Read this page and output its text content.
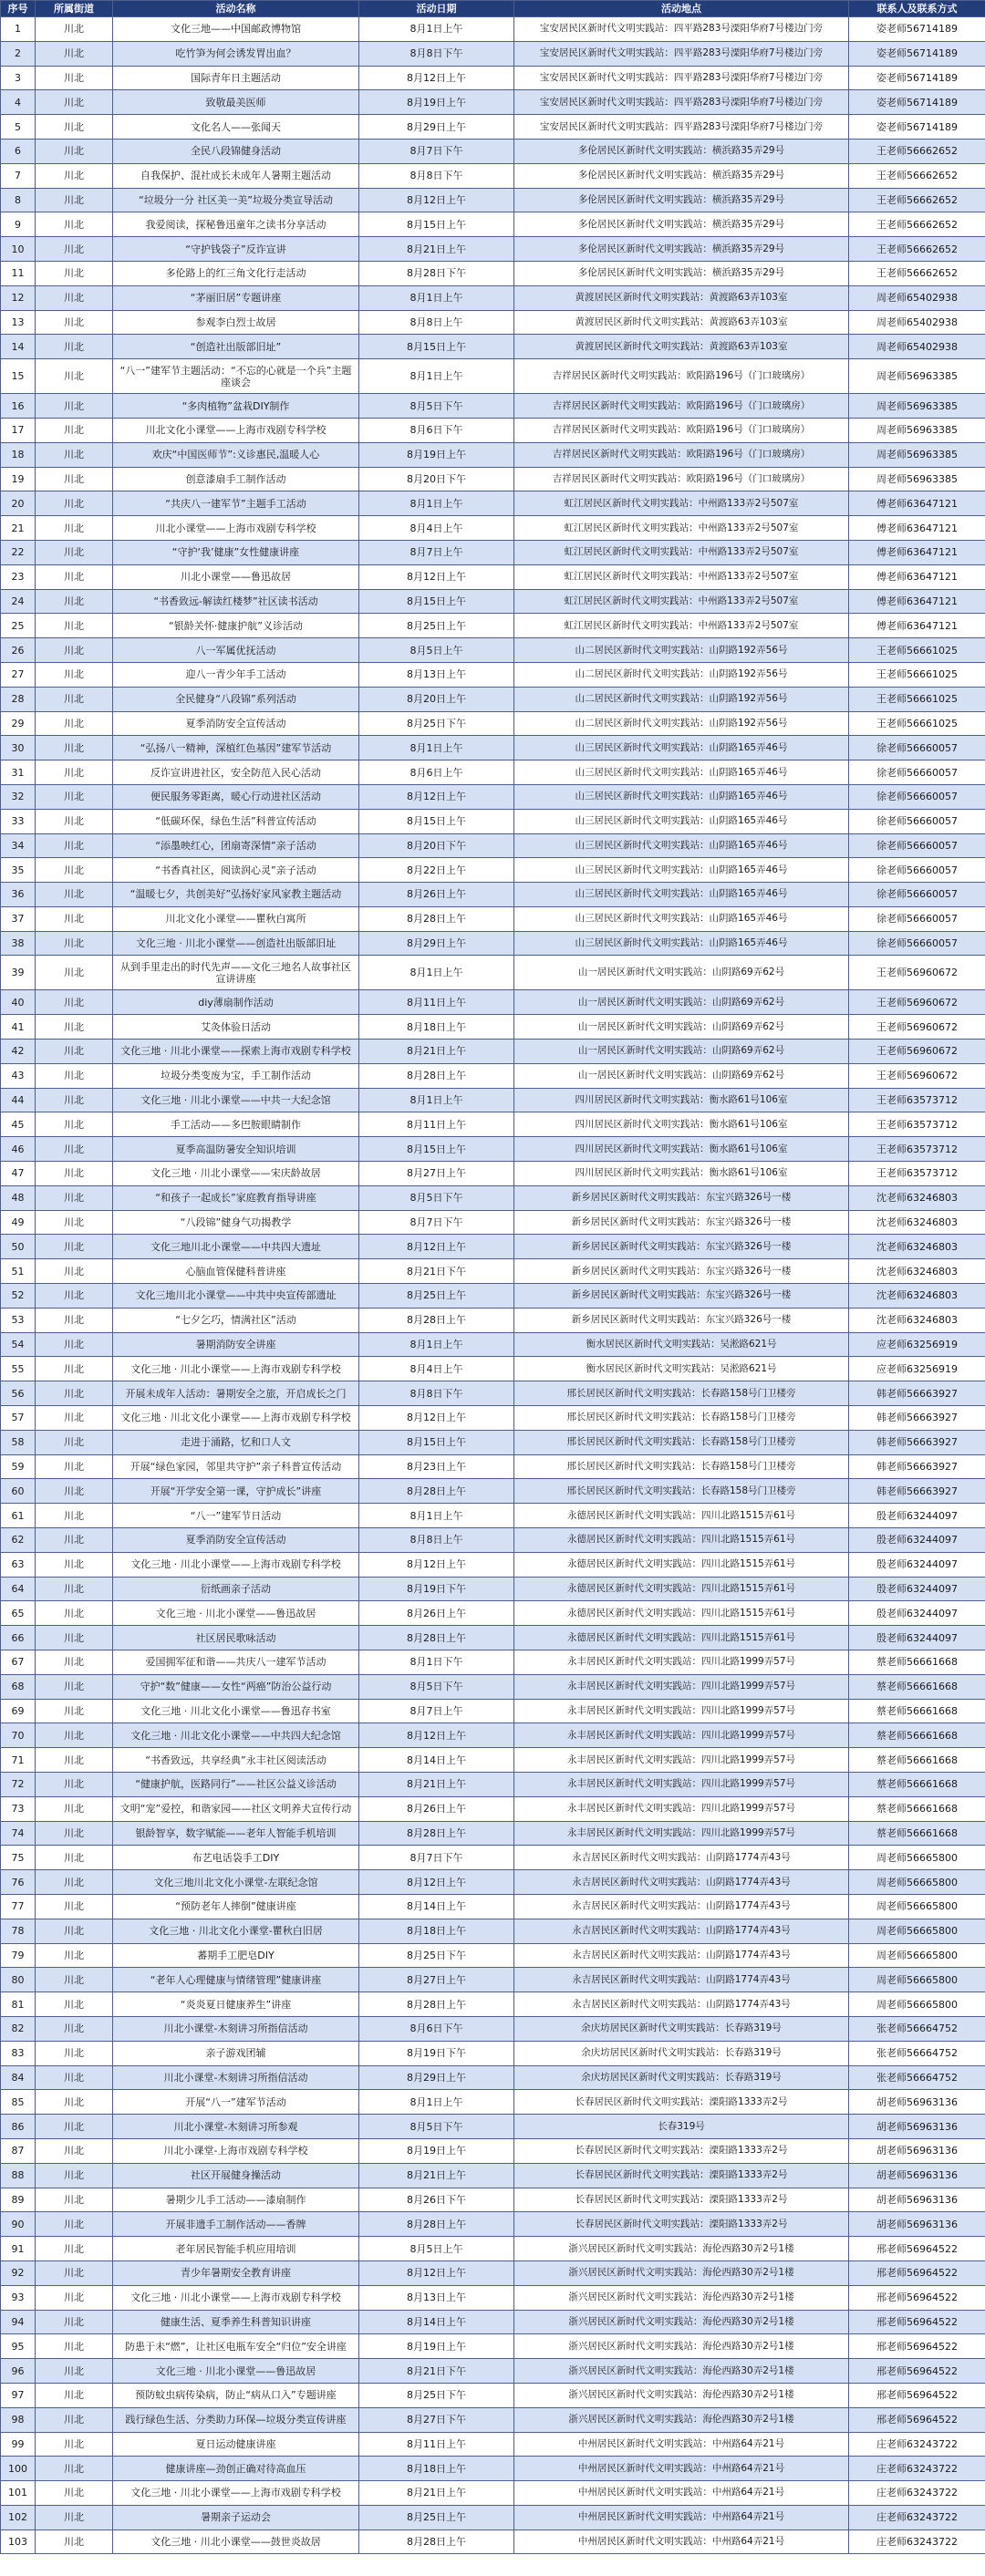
序号	所属街道	活动名称	活动日期	活动地点	联系人及联系方式
1	川北	文化三地——中国邮政博物馆	8月1日上午	宝安居民区新时代文明实践站：四平路283号溧阳华府7号楼边门旁	姿老师56714189
2	川北	吃竹笋为何会诱发胃出血？	8月8日下午	宝安居民区新时代文明实践站：四平路283号溧阳华府7号楼边门旁	姿老师56714189
3	川北	国际青年日主题活动	8月12日上午	宝安居民区新时代文明实践站：四平路283号溧阳华府7号楼边门旁	姿老师56714189
4	川北	致敬最美医师	8月19日上午	宝安居民区新时代文明实践站：四平路283号溧阳华府7号楼边门旁	姿老师56714189
5	川北	文化名人——张闻天	8月29日上午	宝安居民区新时代文明实践站：四平路283号溧阳华府7号楼边门旁	姿老师56714189
6	川北	全民八段锦健身活动	8月7日下午	多伦居民区新时代文明实践站：横浜路35弄29号	王老师56662652
7	川北	自我保护、混社成长未成年人暑期主题活动	8月8日下午	多伦居民区新时代文明实践站：横浜路35弄29号	王老师56662652
8	川北	“垃圾分一分 社区美一美”垃圾分类宣导活动	8月12日上午	多伦居民区新时代文明实践站：横浜路35弄29号	王老师56662652
9	川北	我爱阅读，探秘鲁迅童年之读书分享活动	8月15日上午	多伦居民区新时代文明实践站：横浜路35弄29号	王老师56662652
10	川北	“守护钱袋子”反诈宣讲	8月21日上午	多伦居民区新时代文明实践站：横浜路35弄29号	王老师56662652
11	川北	多伦路上的红三角文化行走活动	8月28日下午	多伦居民区新时代文明实践站：横浜路35弄29号	王老师56662652
12	川北	“茅丽旧居”专题讲座	8月1日上午	黄渡居民区新时代文明实践站：黄渡路63弄103室	周老师65402938
13	川北	参观李白烈士故居	8月8日上午	黄渡居民区新时代文明实践站：黄渡路63弄103室	周老师65402938
14	川北	“创造社出版部旧址”	8月15日上午	黄渡居民区新时代文明实践站：黄渡路63弄103室	周老师65402938
15	川北	“八一”建军节主题活动：“不忘的心就是一个兵”主题座谈会	8月1日上午	吉祥居民区新时代文明实践站：欧阳路196号（门口玻璃房）	周老师56963385
16	川北	“多肉植物”盆栽DIY制作	8月5日下午	吉祥居民区新时代文明实践站：欧阳路196号（门口玻璃房）	周老师56963385
17	川北	川北文化小课堂——上海市戏剧专科学校	8月6日下午	吉祥居民区新时代文明实践站：欧阳路196号（门口玻璃房）	周老师56963385
18	川北	欢庆“中国医师节”:义诊惠民,温暖人心	8月19日上午	吉祥居民区新时代文明实践站：欧阳路196号（门口玻璃房）	周老师56963385
19	川北	创意漆扇手工制作活动	8月20日下午	吉祥居民区新时代文明实践站：欧阳路196号（门口玻璃房）	周老师56963385
20	川北	“共庆八一建军节”主题手工活动	8月1日上午	虹江居民区新时代文明实践站：中州路133弄2号507室	傅老师63647121
21	川北	川北小课堂——上海市戏剧专科学校	8月4日上午	虹江居民区新时代文明实践站：中州路133弄2号507室	傅老师63647121
22	川北	“守护‘我’健康”女性健康讲座	8月7日上午	虹江居民区新时代文明实践站：中州路133弄2号507室	傅老师63647121
23	川北	川北小课堂——鲁迅故居	8月12日上午	虹江居民区新时代文明实践站：中州路133弄2号507室	傅老师63647121
24	川北	“书香致远-解读红楼梦”社区读书活动	8月15日上午	虹江居民区新时代文明实践站：中州路133弄2号507室	傅老师63647121
25	川北	“银龄关怀·健康护航”义诊活动	8月25日上午	虹江居民区新时代文明实践站：中州路133弄2号507室	傅老师63647121
26	川北	八一军属优抚活动	8月5日上午	山二居民区新时代文明实践站：山阴路192弄56号	王老师56661025
27	川北	迎八一青少年手工活动	8月13日上午	山二居民区新时代文明实践站：山阴路192弄56号	王老师56661025
28	川北	全民健身“八段锦”系列活动	8月20日上午	山二居民区新时代文明实践站：山阴路192弄56号	王老师56661025
29	川北	夏季消防安全宣传活动	8月25日下午	山二居民区新时代文明实践站：山阴路192弄56号	王老师56661025
30	川北	“弘扬八一精神，深植红色基因”建军节活动	8月1日上午	山三居民区新时代文明实践站：山阴路165弄46号	徐老师56660057
31	川北	反诈宣讲进社区，安全防范入民心活动	8月6日上午	山三居民区新时代文明实践站：山阴路165弄46号	徐老师56660057
32	川北	便民服务零距离，暖心行动进社区活动	8月12日上午	山三居民区新时代文明实践站：山阴路165弄46号	徐老师56660057
33	川北	“低碳环保，绿色生活”科普宣传活动	8月15日上午	山三居民区新时代文明实践站：山阴路165弄46号	徐老师56660057
34	川北	“添墨映红心，团扇寄深情”亲子活动	8月20日下午	山三居民区新时代文明实践站：山阴路165弄46号	徐老师56660057
35	川北	“书香真社区，阅读润心灵”亲子活动	8月22日上午	山三居民区新时代文明实践站：山阴路165弄46号	徐老师56660057
36	川北	“温暖七夕，共创美好”弘扬好家风家教主题活动	8月26日上午	山三居民区新时代文明实践站：山阴路165弄46号	徐老师56660057
37	川北	川北文化小课堂——瞿秋白寓所	8月28日上午	山三居民区新时代文明实践站：山阴路165弄46号	徐老师56660057
38	川北	文化三地 · 川北小课堂——创造社出版部旧址	8月29日上午	山三居民区新时代文明实践站：山阴路165弄46号	徐老师56660057
39	川北	从到手里走出的时代先声——文化三地名人故事社区宣讲讲座	8月1日上午	山一居民区新时代文明实践站：山阴路69弄62号	王老师56960672
40	川北	diy薄扇制作活动	8月11日上午	山一居民区新时代文明实践站：山阴路69弄62号	王老师56960672
41	川北	艾灸体验日活动	8月18日上午	山一居民区新时代文明实践站：山阴路69弄62号	王老师56960672
42	川北	文化三地 · 川北小课堂——探索上海市戏剧专科学校	8月21日上午	山一居民区新时代文明实践站：山阴路69弄62号	王老师56960672
43	川北	垃圾分类变废为宝，手工制作活动	8月28日上午	山一居民区新时代文明实践站：山阴路69弄62号	王老师56960672
44	川北	文化三地 · 川北小课堂——中共一大纪念馆	8月1日上午	四川居民区新时代文明实践站：衡水路61号106室	王老师63573712
45	川北	手工活动——多巴胺眼睛制作	8月11日上午	四川居民区新时代文明实践站：衡水路61号106室	王老师63573712
46	川北	夏季高温防暑安全知识培训	8月15日上午	四川居民区新时代文明实践站：衡水路61号106室	王老师63573712
47	川北	文化三地 · 川北小课堂——宋庆龄故居	8月27日上午	四川居民区新时代文明实践站：衡水路61号106室	王老师63573712
48	川北	“和孩子一起成长”家庭教育指导讲座	8月5日下午	新乡居民区新时代文明实践站：东宝兴路326号一楼	沈老师63246803
49	川北	“八段锦”健身气功揭教学	8月7日下午	新乡居民区新时代文明实践站：东宝兴路326号一楼	沈老师63246803
50	川北	文化三地川北小课堂——中共四大遗址	8月12日上午	新乡居民区新时代文明实践站：东宝兴路326号一楼	沈老师63246803
51	川北	心脑血管保健科普讲座	8月21日下午	新乡居民区新时代文明实践站：东宝兴路326号一楼	沈老师63246803
52	川北	文化三地川北小课堂——中共中央宣传部遗址	8月25日上午	新乡居民区新时代文明实践站：东宝兴路326号一楼	沈老师63246803
53	川北	“七夕乞巧，情满社区”活动	8月28日上午	新乡居民区新时代文明实践站：东宝兴路326号一楼	沈老师63246803
54	川北	暑期消防安全讲座	8月1日上午	衡水居民区新时代文明实践站：吴淞路621号	应老师63256919
55	川北	文化三地 · 川北小课堂——上海市戏剧专科学校	8月4日上午	衡水居民区新时代文明实践站：吴淞路621号	应老师63256919
56	川北	开展未成年人活动：暑期安全之旅，开启成长之门	8月8日下午	邢长居民区新时代文明实践站：长春路158号门卫楼旁	韩老师56663927
57	川北	文化三地 · 川北文化小课堂——上海市戏剧专科学校	8月12日上午	邢长居民区新时代文明实践站：长春路158号门卫楼旁	韩老师56663927
58	川北	走进于涌路，忆和口人文	8月15日上午	邢长居民区新时代文明实践站：长春路158号门卫楼旁	韩老师56663927
59	川北	开展“绿色家园，邻里共守护”亲子科普宣传活动	8月23日上午	邢长居民区新时代文明实践站：长春路158号门卫楼旁	韩老师56663927
60	川北	开展“开学安全第一课，守护成长”讲座	8月28日上午	邢长居民区新时代文明实践站：长春路158号门卫楼旁	韩老师56663927
61	川北	“八一”建军节日活动	8月1日上午	永德居民区新时代文明实践站：四川北路1515弄61号	殷老师63244097
62	川北	夏季消防安全宣传活动	8月8日上午	永德居民区新时代文明实践站：四川北路1515弄61号	殷老师63244097
63	川北	文化三地 · 川北小课堂——上海市戏剧专科学校	8月12日上午	永德居民区新时代文明实践站：四川北路1515弄61号	殷老师63244097
64	川北	衍纸画亲子活动	8月19日下午	永德居民区新时代文明实践站：四川北路1515弄61号	殷老师63244097
65	川北	文化三地 · 川北小课堂——鲁迅故居	8月26日上午	永德居民区新时代文明实践站：四川北路1515弄61号	殷老师63244097
66	川北	社区居民歌咏活动	8月28日上午	永德居民区新时代文明实践站：四川北路1515弄61号	殷老师63244097
67	川北	爱国拥军征和谐——共庆八一建军节活动	8月1日下午	永丰居民区新时代文明实践站：四川北路1999弄57号	蔡老师56661668
68	川北	守护“数”健康——女性“两癌”防治公益行动	8月5日下午	永丰居民区新时代文明实践站：四川北路1999弄57号	蔡老师56661668
69	川北	文化三地 · 川北文化小课堂——鲁迅存书室	8月7日上午	永丰居民区新时代文明实践站：四川北路1999弄57号	蔡老师56661668
70	川北	文化三地 · 川北文化小课堂——中共四大纪念馆	8月12日上午	永丰居民区新时代文明实践站：四川北路1999弄57号	蔡老师56661668
71	川北	“书香致远，共享经典”永丰社区阅读活动	8月14日上午	永丰居民区新时代文明实践站：四川北路1999弄57号	蔡老师56661668
72	川北	“健康护航，医路同行”——社区公益义诊活动	8月21日上午	永丰居民区新时代文明实践站：四川北路1999弄57号	蔡老师56661668
73	川北	文明“宠”爱控，和谐家园——社区文明养犬宣传行动	8月26日上午	永丰居民区新时代文明实践站：四川北路1999弄57号	蔡老师56661668
74	川北	银龄智享，数字赋能——老年人智能手机培训	8月28日上午	永丰居民区新时代文明实践站：四川北路1999弄57号	蔡老师56661668
75	川北	布艺电话袋手工DIY	8月7日下午	永吉居民区新时代文明实践站：山阴路1774弄43号	周老师56665800
76	川北	文化三地川北文化小课堂-左联纪念馆	8月12日上午	永吉居民区新时代文明实践站：山阴路1774弄43号	周老师56665800
77	川北	“预防老年人摔倒”健康讲座	8月14日上午	永吉居民区新时代文明实践站：山阴路1774弄43号	周老师56665800
78	川北	文化三地 · 川北文化小课堂-瞿秋白旧居	8月18日上午	永吉居民区新时代文明实践站：山阴路1774弄43号	周老师56665800
79	川北	蕃期手工肥皂DIY	8月25日下午	永吉居民区新时代文明实践站：山阴路1774弄43号	周老师56665800
80	川北	“老年人心理健康与情绪管理”健康讲座	8月27日上午	永吉居民区新时代文明实践站：山阴路1774弄43号	周老师56665800
81	川北	“炎炎夏日健康养生”讲座	8月28日上午	永吉居民区新时代文明实践站：山阴路1774弄43号	周老师56665800
82	川北	川北小课堂-木刻讲习所指信活动	8月6日下午	余庆坊居民区新时代文明实践站：长春路319号	张老师56664752
83	川北	亲子游戏团辅	8月19日下午	余庆坊居民区新时代文明实践站：长春路319号	张老师56664752
84	川北	川北小课堂-木刻讲习所指信活动	8月29日上午	余庆坊居民区新时代文明实践站：长春路319号	张老师56664752
85	川北	开展“八一”建军节活动	8月1日上午	长春居民区新时代文明实践站：溧阳路1333弄2号	胡老师56963136
86	川北	川北小课堂-木刻讲习所参观	8月5日下午	长春319号	胡老师56963136
87	川北	川北小课堂-上海市戏剧专科学校	8月19日上午	长春居民区新时代文明实践站：溧阳路1333弄2号	胡老师56963136
88	川北	社区开展健身操活动	8月21日上午	长春居民区新时代文明实践站：溧阳路1333弄2号	胡老师56963136
89	川北	暑期少儿手工活动——漆扇制作	8月26日下午	长春居民区新时代文明实践站：溧阳路1333弄2号	胡老师56963136
90	川北	开展非遗手工制作活动——香牌	8月28日上午	长春居民区新时代文明实践站：溧阳路1333弄2号	胡老师56963136
91	川北	老年居民智能手机应用培训	8月5日上午	浙兴居民区新时代文明实践站：海伦西路30弄2号1楼	邢老师56964522
92	川北	青少年暑期安全教育讲座	8月12日上午	浙兴居民区新时代文明实践站：海伦西路30弄2号1楼	邢老师56964522
93	川北	文化三地 · 川北小课堂——上海市戏剧专科学校	8月13日上午	浙兴居民区新时代文明实践站：海伦西路30弄2号1楼	邢老师56964522
94	川北	健康生活、夏季养生科普知识讲座	8月14日上午	浙兴居民区新时代文明实践站：海伦西路30弄2号1楼	邢老师56964522
95	川北	防患于未“燃”，让社区电瓶车安全“归位”安全讲座	8月19日上午	浙兴居民区新时代文明实践站：海伦西路30弄2号1楼	邢老师56964522
96	川北	文化三地 · 川北小课堂——鲁迅故居	8月21日下午	浙兴居民区新时代文明实践站：海伦西路30弄2号1楼	邢老师56964522
97	川北	预防蚊虫病传染病，防止“病从口入”专题讲座	8月25日下午	浙兴居民区新时代文明实践站：海伦西路30弄2号1楼	邢老师56964522
98	川北	践行绿色生活、分类助力环保—垃圾分类宣传讲座	8月27日下午	浙兴居民区新时代文明实践站：海伦西路30弄2号1楼	邢老师56964522
99	川北	夏日运动健康讲座	8月11日上午	中州居民区新时代文明实践站：中州路64弄21号	庄老师63243722
100	川北	健康讲座—劲创正确对待高血压	8月18日上午	中州居民区新时代文明实践站：中州路64弄21号	庄老师63243722
101	川北	文化三地 · 川北小课堂——上海市戏剧专科学校	8月21日上午	中州居民区新时代文明实践站：中州路64弄21号	庄老师63243722
102	川北	暑期亲子运动会	8月25日上午	中州居民区新时代文明实践站：中州路64弄21号	庄老师63243722
103	川北	文化三地 · 川北小课堂——鼓世炎故居	8月28日上午	中州居民区新时代文明实践站：中州路64弄21号	庄老师63243722
